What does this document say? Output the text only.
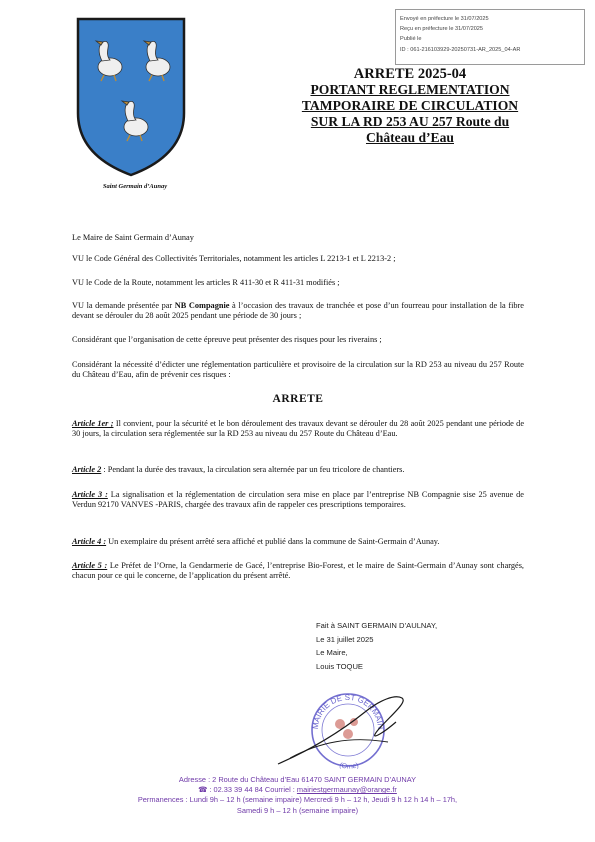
Envoyé en préfecture le 31/07/2025
Reçu en préfecture le 31/07/2025
Publié le
ID : 061-216103929-20250731-AR_2025_04-AR
Saint Germain d’Aunay
ARRETE 2025-04
PORTANT REGLEMENTATION
TAMPORAIRE DE CIRCULATION
SUR LA RD 253 AU 257 Route du
Château d’Eau

Le Maire de Saint Germain d’Aunay

VU le Code Général des Collectivités Territoriales, notamment les articles L 2213-1 et L 2213-2 ;

VU le Code de la Route, notamment les articles R 411-30 et R 411-31 modifiés ;

VU la demande présentée par NB Compagnie à l’occasion des travaux de tranchée et pose d’un fourreau pour installation de la fibre devant se dérouler du 28 août 2025 pendant une période de 30 jours ;

Considérant que l’organisation de cette épreuve peut présenter des risques pour les riverains ;

Considérant la nécessité d’édicter une réglementation particulière et provisoire de la circulation sur la RD 253 au niveau du 257 Route du Château d’Eau, afin de prévenir ces risques :

ARRETE

Article 1er ; Il convient, pour la sécurité et le bon déroulement des travaux devant se dérouler du 28 août 2025 pendant une période de 30 jours, la circulation sera réglementée sur la RD 253 au niveau du 257 Route du Château d’Eau.

Article 2 : Pendant la durée des travaux, la circulation sera alternée par un feu tricolore de chantiers.

Article 3 : La signalisation et la réglementation de circulation sera mise en place par l’entreprise NB Compagnie sise 25 avenue de Verdun 92170 VANVES -PARIS, chargée des travaux afin de rappeler ces prescriptions temporaires.

Article 4 : Un exemplaire du présent arrêté sera affiché et publié dans la commune de Saint-Germain d’Aunay.

Article 5 : Le Préfet de l’Orne, la Gendarmerie de Gacé, l’entreprise Bio-Forest, et le maire de Saint-Germain d’Aunay sont chargés, chacun pour ce qui le concerne, de l’application du présent arrêté.

Fait à SAINT GERMAIN D’AULNAY,
Le 31 juillet 2025
Le Maire,
Louis TOQUE
MAIRIE DE ST GERMAIN
(Orne)
Adresse : 2 Route du Château d’Eau 61470 SAINT GERMAIN D’AUNAY
☎ : 02.33 39 44 84 Courriel : mairiestgermaunay@orange.fr
Permanences : Lundi 9h – 12 h (semaine impaire) Mercredi 9 h – 12 h, Jeudi 9 h 12 h 14 h – 17h,
Samedi 9 h – 12 h (semaine impaire)
